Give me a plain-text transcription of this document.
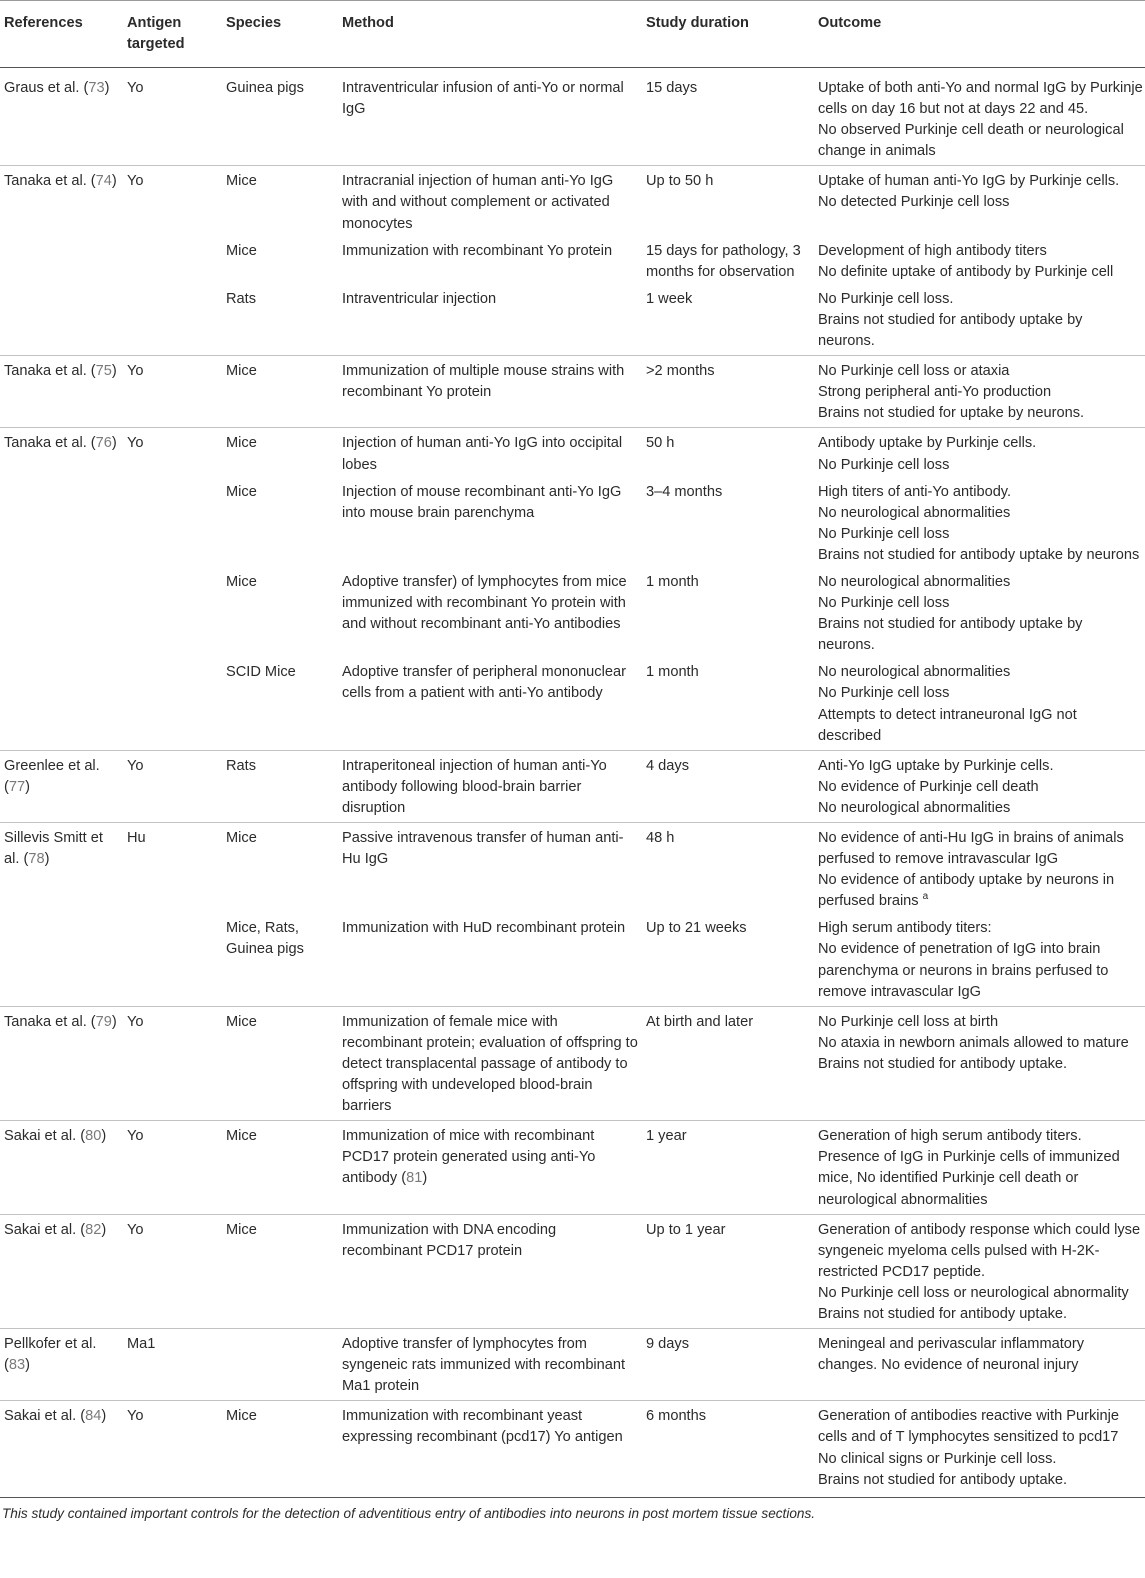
References	Antigen targeted	Species	Method	Study duration	Outcome
Graus et al. (73)	Yo	Guinea pigs	Intraventricular infusion of anti-Yo or normal IgG	15 days	Uptake of both anti-Yo and normal IgG by Purkinje cells on day 16 but not at days 22 and 45.
No observed Purkinje cell death or neurological change in animals

Tanaka et al. (74)	Yo	Mice	Intracranial injection of human anti-Yo IgG with and without complement or activated monocytes	Up to 50 h	Uptake of human anti-Yo IgG by Purkinje cells.
No detected Purkinje cell loss

		Mice	Immunization with recombinant Yo protein	15 days for pathology, 3 months for observation	Development of high antibody titers
No definite uptake of antibody by Purkinje cell

		Rats	Intraventricular injection	1 week	No Purkinje cell loss.
Brains not studied for antibody uptake by neurons.

Tanaka et al. (75)	Yo	Mice	Immunization of multiple mouse strains with recombinant Yo protein	>2 months	No Purkinje cell loss or ataxia
Strong peripheral anti-Yo production
Brains not studied for uptake by neurons.

Tanaka et al. (76)	Yo	Mice	Injection of human anti-Yo IgG into occipital lobes	50 h	Antibody uptake by Purkinje cells.
No Purkinje cell loss

		Mice	Injection of mouse recombinant anti-Yo IgG into mouse brain parenchyma	3–4 months	High titers of anti-Yo antibody.
No neurological abnormalities
No Purkinje cell loss
Brains not studied for antibody uptake by neurons

		Mice	Adoptive transfer) of lymphocytes from mice immunized with recombinant Yo protein with and without recombinant anti-Yo antibodies	1 month	No neurological abnormalities
No Purkinje cell loss
Brains not studied for antibody uptake by neurons.

		SCID Mice	Adoptive transfer of peripheral mononuclear cells from a patient with anti-Yo antibody	1 month	No neurological abnormalities
No Purkinje cell loss
Attempts to detect intraneuronal IgG not described

Greenlee et al. (77)	Yo	Rats	Intraperitoneal injection of human anti-Yo antibody following blood-brain barrier disruption	4 days	Anti-Yo IgG uptake by Purkinje cells.
No evidence of Purkinje cell death
No neurological abnormalities

Sillevis Smitt et al. (78)	Hu	Mice	Passive intravenous transfer of human anti-Hu IgG	48 h	No evidence of anti-Hu IgG in brains of animals perfused to remove intravascular IgG
No evidence of antibody uptake by neurons in perfused brains $^a$

		Mice, Rats, Guinea pigs	Immunization with HuD recombinant protein	Up to 21 weeks	High serum antibody titers:
No evidence of penetration of IgG into brain parenchyma or neurons in brains perfused to remove intravascular IgG

Tanaka et al. (79)	Yo	Mice	Immunization of female mice with recombinant protein; evaluation of offspring to detect transplacental passage of antibody to offspring with undeveloped blood-brain barriers	At birth and later	No Purkinje cell loss at birth
No ataxia in newborn animals allowed to mature
Brains not studied for antibody uptake.

Sakai et al. (80)	Yo	Mice	Immunization of mice with recombinant PCD17 protein generated using anti-Yo antibody (81)	1 year	Generation of high serum antibody titers.
Presence of IgG in Purkinje cells of immunized mice, No identified Purkinje cell death or neurological abnormalities

Sakai et al. (82)	Yo	Mice	Immunization with DNA encoding recombinant PCD17 protein	Up to 1 year	Generation of antibody response which could lyse syngeneic myeloma cells pulsed with H-2K-restricted PCD17 peptide.
No Purkinje cell loss or neurological abnormality
Brains not studied for antibody uptake.

Pellkofer et al. (83)	Ma1		Adoptive transfer of lymphocytes from syngeneic rats immunized with recombinant Ma1 protein	9 days	Meningeal and perivascular inflammatory changes. No evidence of neuronal injury

Sakai et al. (84)	Yo	Mice	Immunization with recombinant yeast expressing recombinant (pcd17) Yo antigen	6 months	Generation of antibodies reactive with Purkinje cells and of T lymphocytes sensitized to pcd17
No clinical signs or Purkinje cell loss.
Brains not studied for antibody uptake.
This study contained important controls for the detection of adventitious entry of antibodies into neurons in post mortem tissue sections.
